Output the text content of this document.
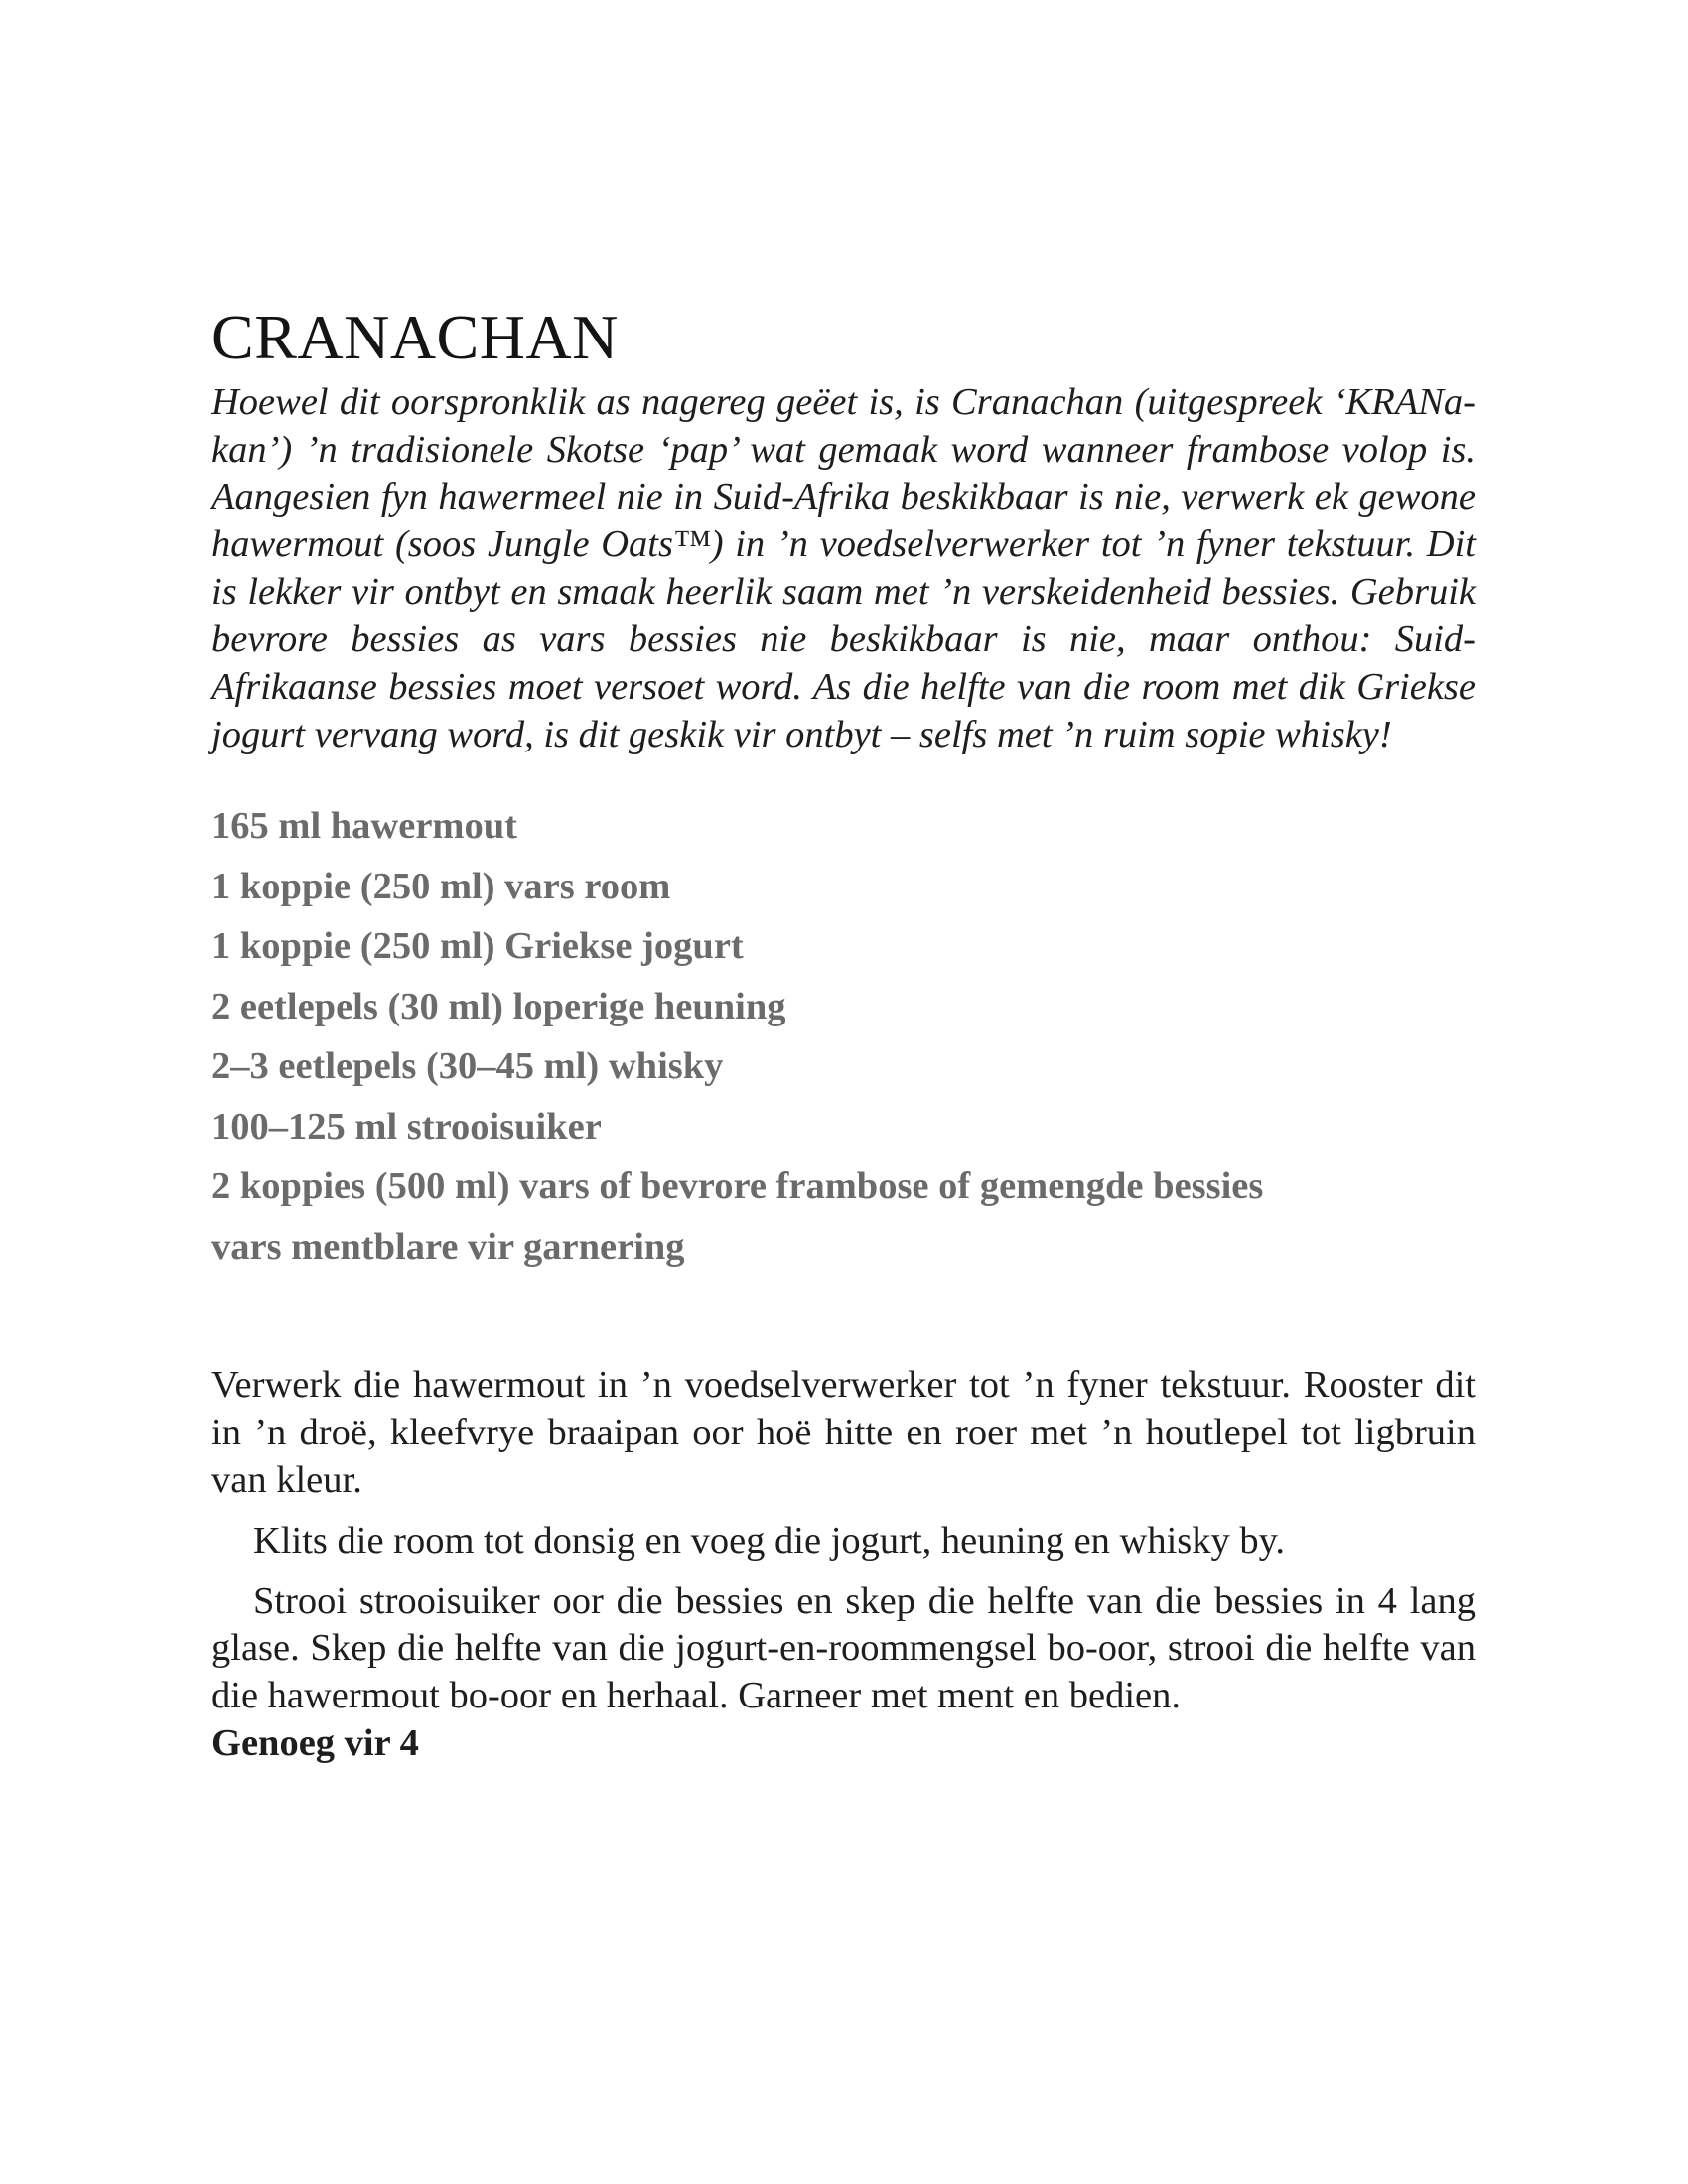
CRANACHAN

Hoewel dit oorspronklik as nagereg geëet is, is Cranachan (uitgespreek ‘KRANa-kan’) ’n tradisionele Skotse ‘pap’ wat gemaak word wanneer frambose volop is. Aangesien fyn hawermeel nie in Suid-Afrika beskikbaar is nie, verwerk ek gewone hawermout (soos Jungle Oats™) in ’n voedselverwerker tot ’n fyner tekstuur. Dit is lekker vir ontbyt en smaak heerlik saam met ’n verskeidenheid bessies. Gebruik bevrore bessies as vars bessies nie beskikbaar is nie, maar onthou: Suid-Afrikaanse bessies moet versoet word. As die helfte van die room met dik Griekse jogurt vervang word, is dit geskik vir ontbyt – selfs met ’n ruim sopie whisky!

165 ml hawermout
1 koppie (250 ml) vars room
1 koppie (250 ml) Griekse jogurt
2 eetlepels (30 ml) loperige heuning
2–3 eetlepels (30–45 ml) whisky
100–125 ml strooisuiker
2 koppies (500 ml) vars of bevrore frambose of gemengde bessies
vars mentblare vir garnering

Verwerk die hawermout in ’n voedselverwerker tot ’n fyner tekstuur. Rooster dit in ’n droë, kleefvrye braaipan oor hoë hitte en roer met ’n houtlepel tot ligbruin van kleur.

Klits die room tot donsig en voeg die jogurt, heuning en whisky by.

Strooi strooisuiker oor die bessies en skep die helfte van die bessies in 4 lang glase. Skep die helfte van die jogurt-en-roommengsel bo-oor, strooi die helfte van die hawermout bo-oor en herhaal. Garneer met ment en bedien.

Genoeg vir 4
